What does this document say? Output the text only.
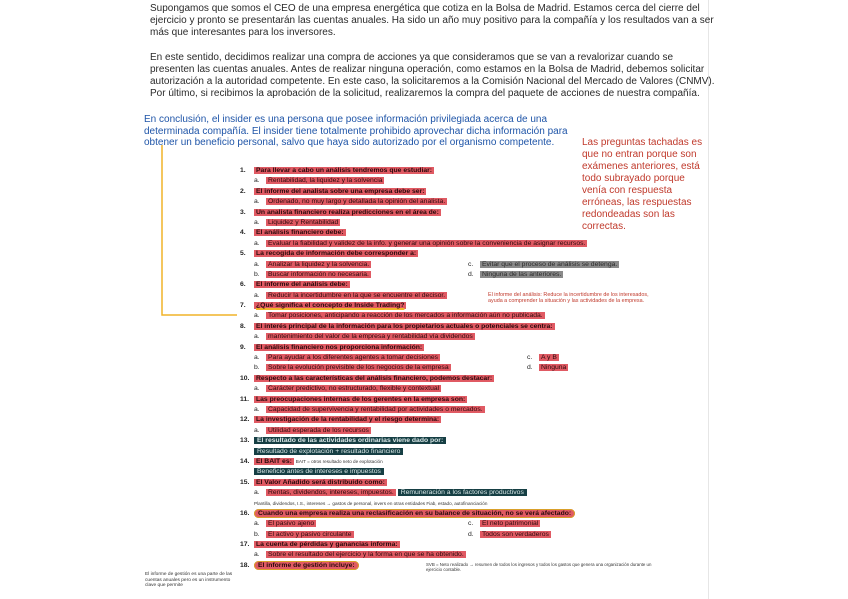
Supongamos que somos el CEO de una empresa energética que cotiza en la Bolsa de Madrid. Estamos cerca del cierre del ejercicio y pronto se presentarán las cuentas anuales. Ha sido un año muy positivo para la compañía y los resultados van a ser más que interesantes para los inversores.

En este sentido, decidimos realizar una compra de acciones ya que consideramos que se van a revalorizar cuando se presenten las cuentas anuales. Antes de realizar ninguna operación, como estamos en la Bolsa de Madrid, debemos solicitar autorización a la autoridad competente. En este caso, la solicitaremos a la Comisión Nacional del Mercado de Valores (CNMV). Por último, si recibimos la aprobación de la solicitud, realizaremos la compra del paquete de acciones de nuestra compañía.

En conclusión, el insider es una persona que posee información privilegiada acerca de una determinada compañía. El insider tiene totalmente prohibido aprovechar dicha información para obtener un beneficio personal, salvo que haya sido autorizado por el organismo competente.	Las preguntas tachadas es que no entran porque son exámenes anteriores, está todo subrayado porque venía con respuesta erróneas, las respuestas redondeadas son las correctas.

1. Para llevar a cabo un análisis tendremos que estudiar:
a. Rentabilidad, la liquidez y la solvencia
2. El informe del analista sobre una empresa debe ser:
a. Ordenado, no muy largo y detallada la opinión del analista.
3. Un analista financiero realiza predicciones en el área de:
a. Liquidez y Rentabilidad
4. El análisis financiero debe:
a. Evaluar la fiabilidad y validez de la info. y generar una opinión sobre la conveniencia de asignar recursos.
5. La recogida de información debe corresponder a:
a. Analizar la liquidez y la solvencia.	c. Evitar que el proceso de análisis se detenga.
b. Buscar información no necesaria.	d. Ninguna de las anteriores.
6. El informe del análisis debe:
a. Reducir la incertidumbre en la que se encuentre el decisor.
7. ¿Qué significa el concepto de Inside Trading?
a. Tomar posiciones, anticipando a reacción de los mercados a información aún no publicada.
8. El interés principal de la información para los propietarios actuales o potenciales se centra:
a. mantenimiento del valor de la empresa y rentabilidad vía dividendos
9. El análisis financiero nos proporciona información:
a. Para ayudar a los diferentes agentes a tomar decisiones	c. A y B
b. Sobre la evolución previsible de los negocios de la empresa	d. Ninguna
10. Respecto a las características del análisis financiero, podemos destacar:
a. Carácter predictivo, no estructurado, flexible y contextual
11. Las preocupaciones internas de los gerentes en la empresa son:
a. Capacidad de supervivencia y rentabilidad por actividades o mercados.
12. La investigación de la rentabilidad y el riesgo determina:
a. Utilidad esperada de los recursos
13. El resultado de las actividades ordinarias viene dado por:
Resultado de explotación + resultado financiero
14. El BAIT es: BAIT = otros resultado neto de explotación
Beneficio antes de intereses e impuestos
15. El Valor Añadido será distribuido como:
a. Rentas, dividendos, intereses, impuestos. Remuneración a los factores productivos
Plantilla, dividendos, I.S., intereses → gastos de personal, invers en otras entidades Fiab, estado, autofinanciación
16. Cuando una empresa realiza una reclasificación en su balance de situación, no se verá afectado:
a. El pasivo ajeno	c. El neto patrimonial
b. El activo y pasivo circulante	d. Todos son verdaderos
17. La cuenta de pérdidas y ganancias informa:
a. Sobre el resultado del ejercicio y la forma en que se ha obtenido.
18. El informe de gestión incluye:

El informe del análisis: Reduce la incertidumbre de los interesados, ayuda a comprender la situación y las actividades de la empresa.

SVB = Neto realizado → resumen de todos los ingresos y todos los gastos que genera una organización durante un ejercicio contable.

El informe de gestión es una parte de las cuentas anuales pero es un instrumento clave que permite
